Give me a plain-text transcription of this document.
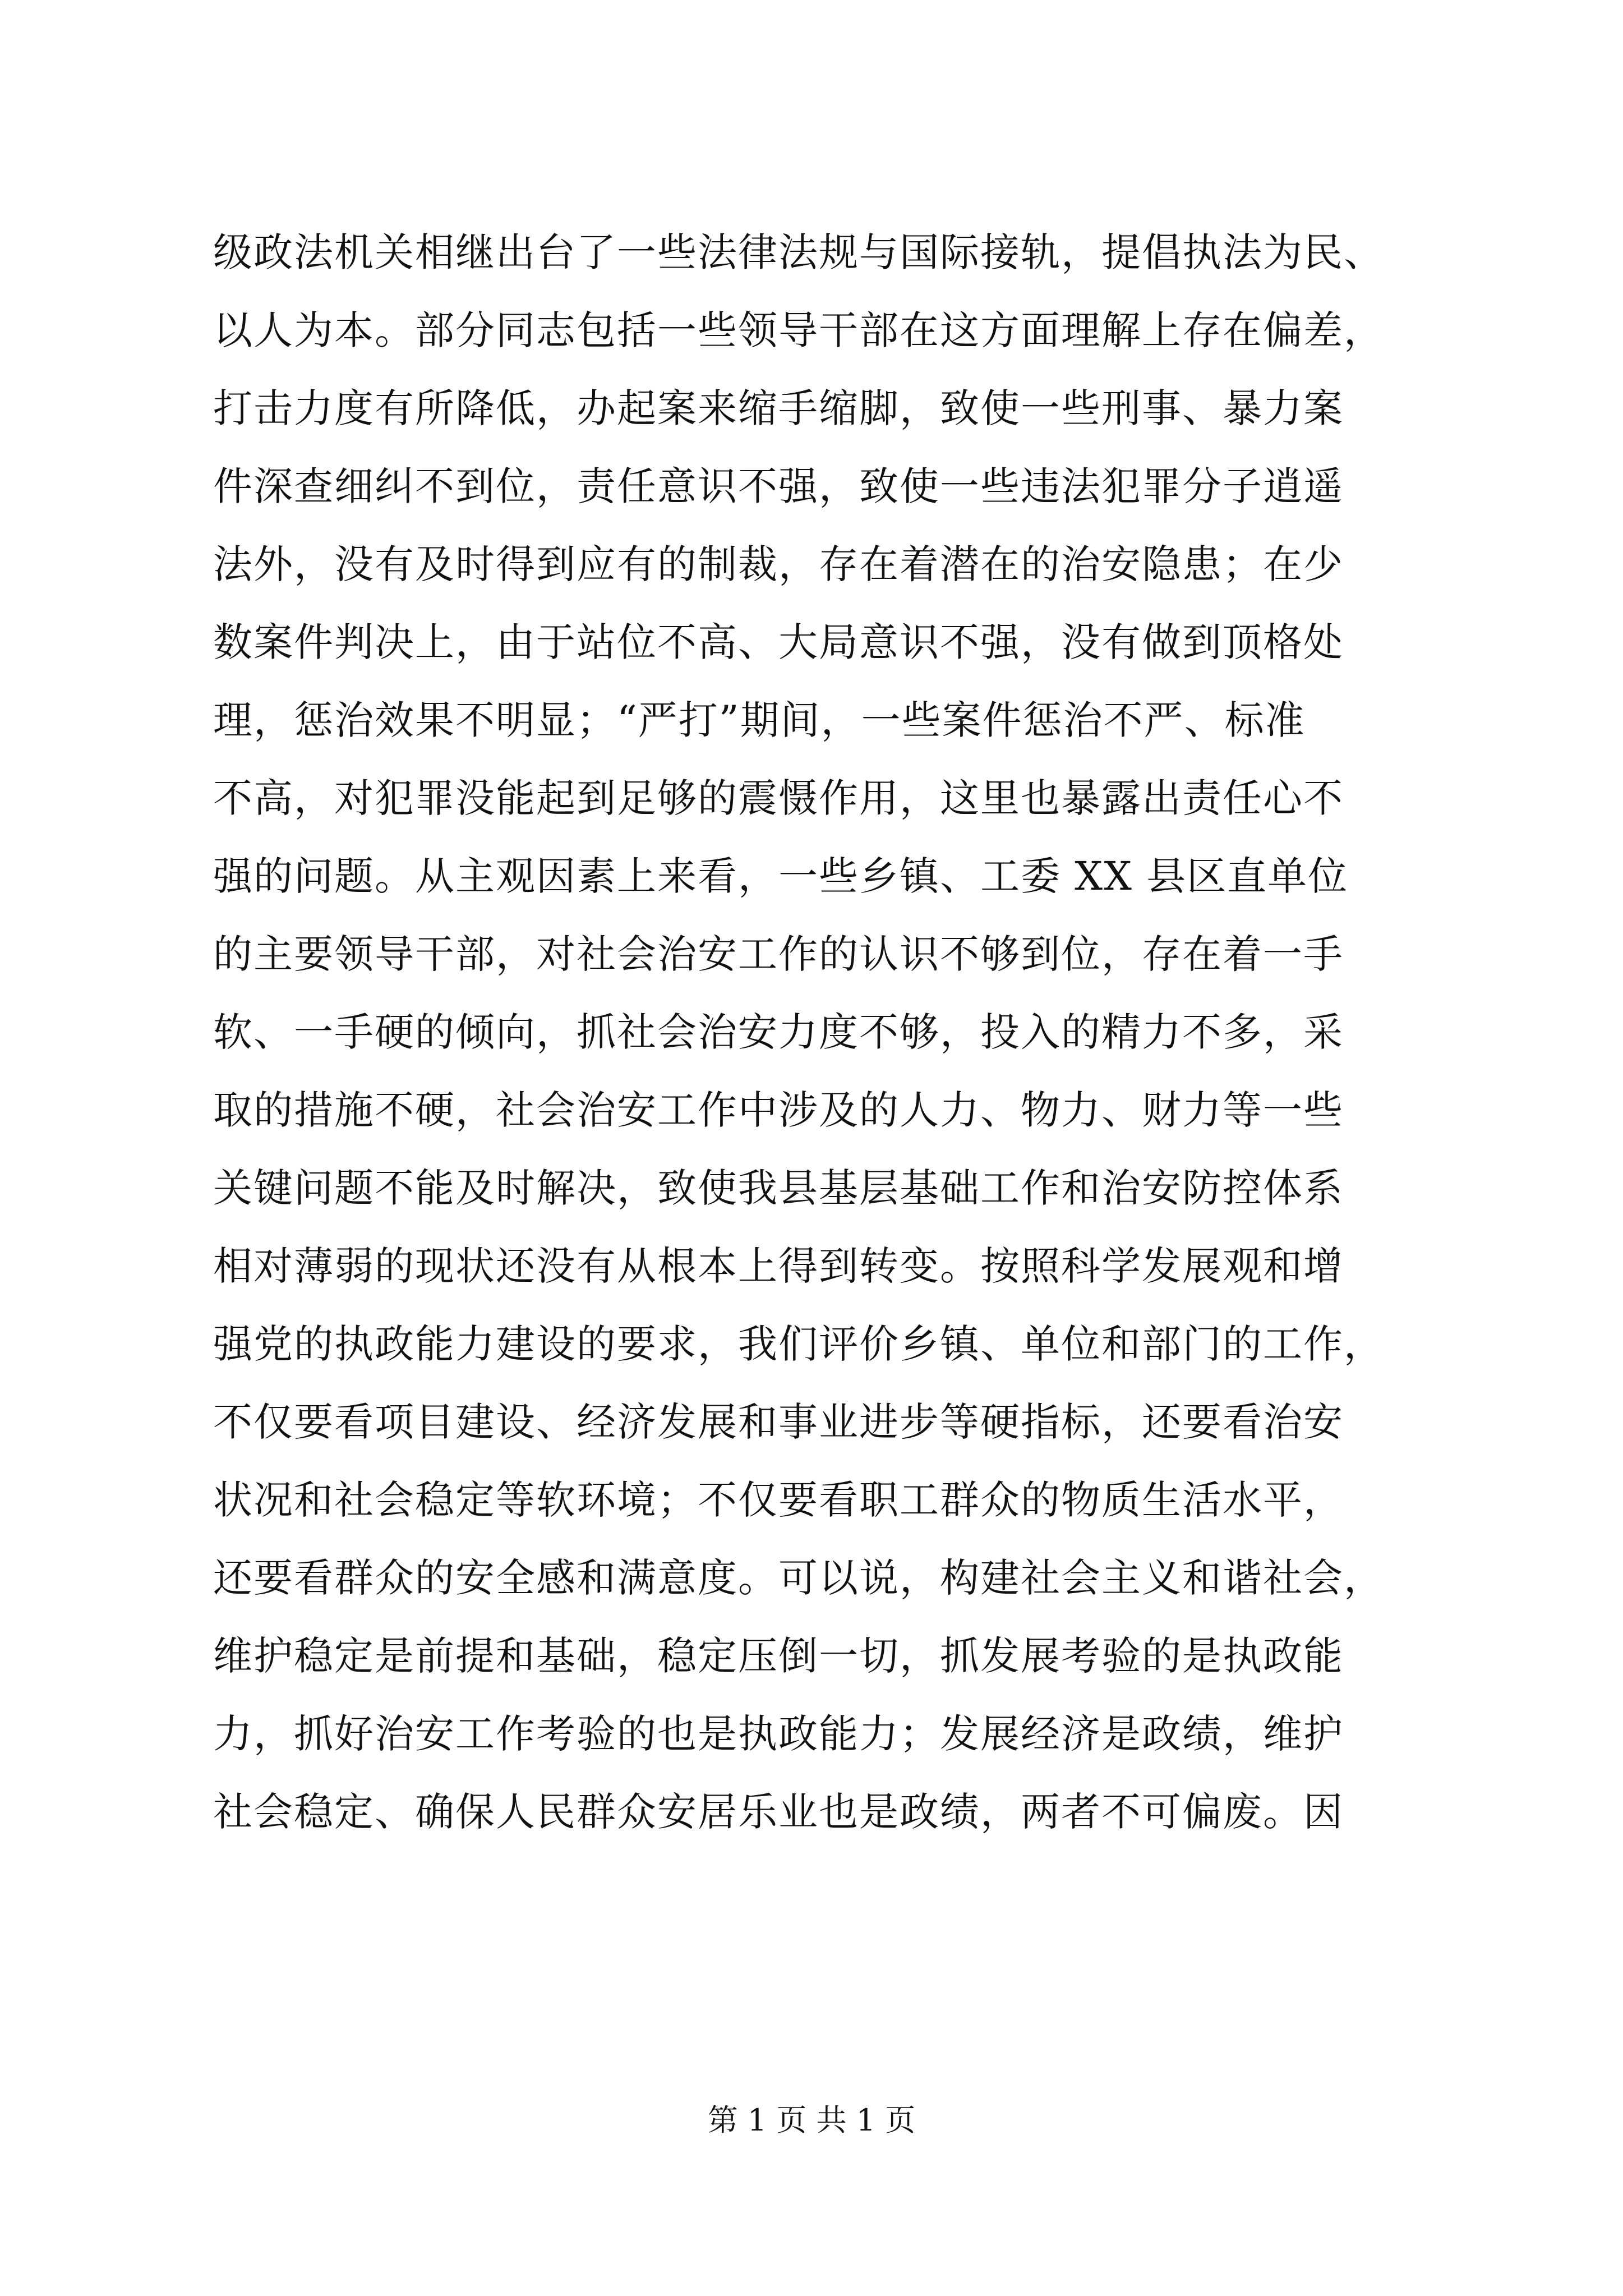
级政法机关相继出台了一些法律法规与国际接轨，提倡执法为民、
以人为本。部分同志包括一些领导干部在这方面理解上存在偏差，
打击力度有所降低，办起案来缩手缩脚，致使一些刑事、暴力案
件深查细纠不到位，责任意识不强，致使一些违法犯罪分子逍遥
法外，没有及时得到应有的制裁，存在着潜在的治安隐患；在少
数案件判决上，由于站位不高、大局意识不强，没有做到顶格处
理，惩治效果不明显；“严打”期间，一些案件惩治不严、标准
不高，对犯罪没能起到足够的震慑作用，这里也暴露出责任心不
强的问题。从主观因素上来看，一些乡镇、工委 XX 县区直单位
的主要领导干部，对社会治安工作的认识不够到位，存在着一手
软、一手硬的倾向，抓社会治安力度不够，投入的精力不多，采
取的措施不硬，社会治安工作中涉及的人力、物力、财力等一些
关键问题不能及时解决，致使我县基层基础工作和治安防控体系
相对薄弱的现状还没有从根本上得到转变。按照科学发展观和增
强党的执政能力建设的要求，我们评价乡镇、单位和部门的工作，
不仅要看项目建设、经济发展和事业进步等硬指标，还要看治安
状况和社会稳定等软环境；不仅要看职工群众的物质生活水平，
还要看群众的安全感和满意度。可以说，构建社会主义和谐社会，
维护稳定是前提和基础，稳定压倒一切，抓发展考验的是执政能
力，抓好治安工作考验的也是执政能力；发展经济是政绩，维护
社会稳定、确保人民群众安居乐业也是政绩，两者不可偏废。因
第 1 页 共 1 页
